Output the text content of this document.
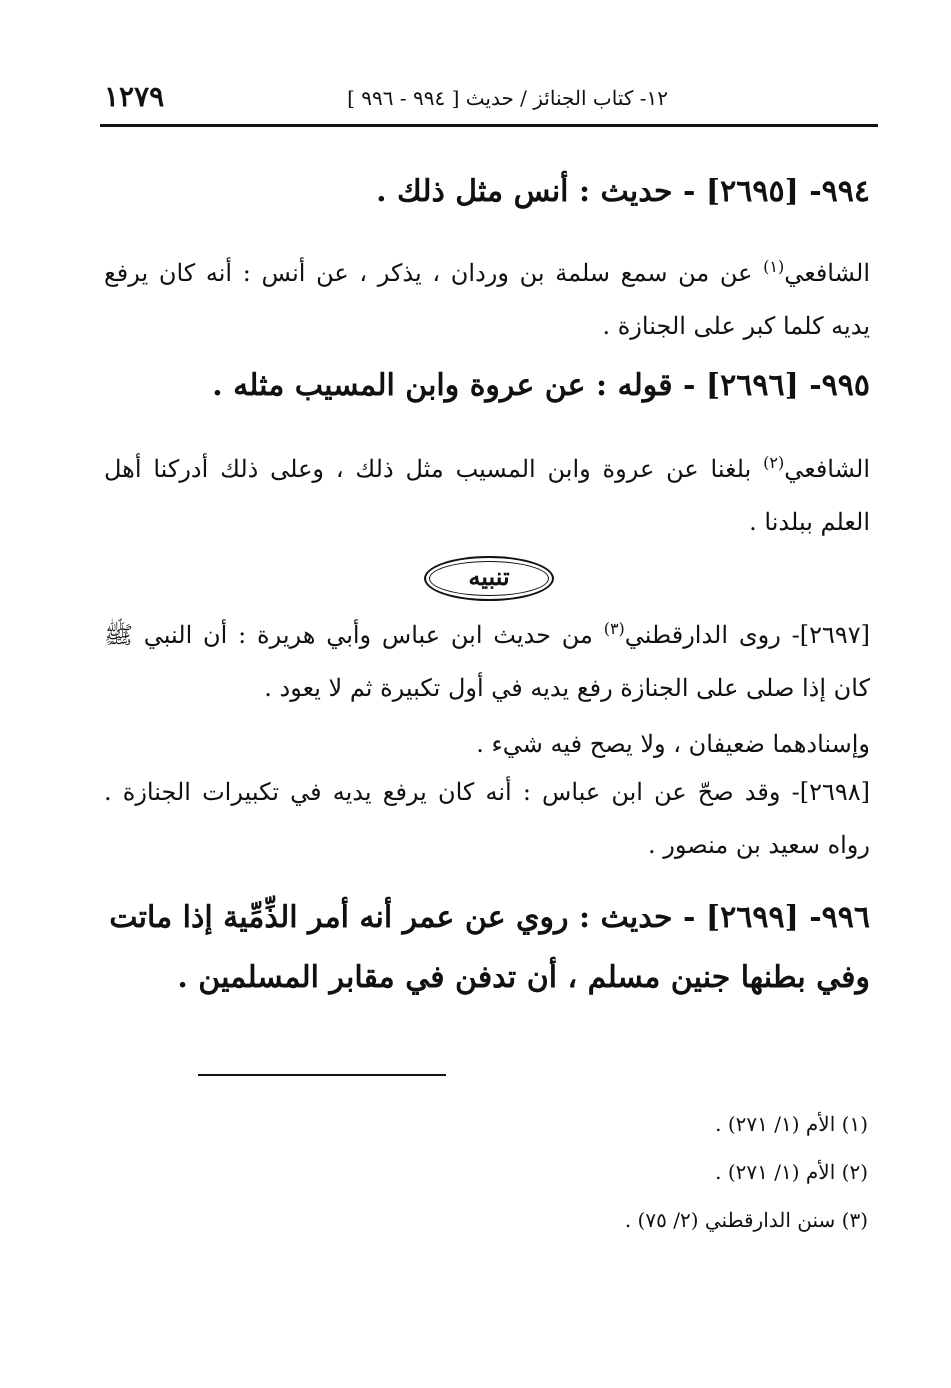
١٢- كتاب الجنائز / حديث [ ٩٩٤ - ٩٩٦ ]
١٢٧٩
٩٩٤- [٢٦٩٥] - حديث : أنس مثل ذلك .
الشافعي$^{(١)}$ عن من سمع سلمة بن وردان ، يذكر ، عن أنس : أنه كان يرفع يديه كلما كبر على الجنازة .
٩٩٥- [٢٦٩٦] - قوله : عن عروة وابن المسيب مثله .
الشافعي$^{(٢)}$ بلغنا عن عروة وابن المسيب مثل ذلك ، وعلى ذلك أدركنا أهل العلم ببلدنا .
تنبيه
[٢٦٩٧]- روى الدارقطني$^{(٣)}$ من حديث ابن عباس وأبي هريرة : أن النبي ﷺ كان إذا صلى على الجنازة رفع يديه في أول تكبيرة ثم لا يعود .
وإسنادهما ضعيفان ، ولا يصح فيه شيء .
[٢٦٩٨]- وقد صحّ عن ابن عباس : أنه كان يرفع يديه في تكبيرات الجنازة . رواه سعيد بن منصور .
٩٩٦- [٢٦٩٩] - حديث : روي عن عمر أنه أمر الذِّمِّية إذا ماتت وفي بطنها جنين مسلم ، أن تدفن في مقابر المسلمين .
(١) الأم (١/ ٢٧١) .
(٢) الأم (١/ ٢٧١) .
(٣) سنن الدارقطني (٢/ ٧٥) .
